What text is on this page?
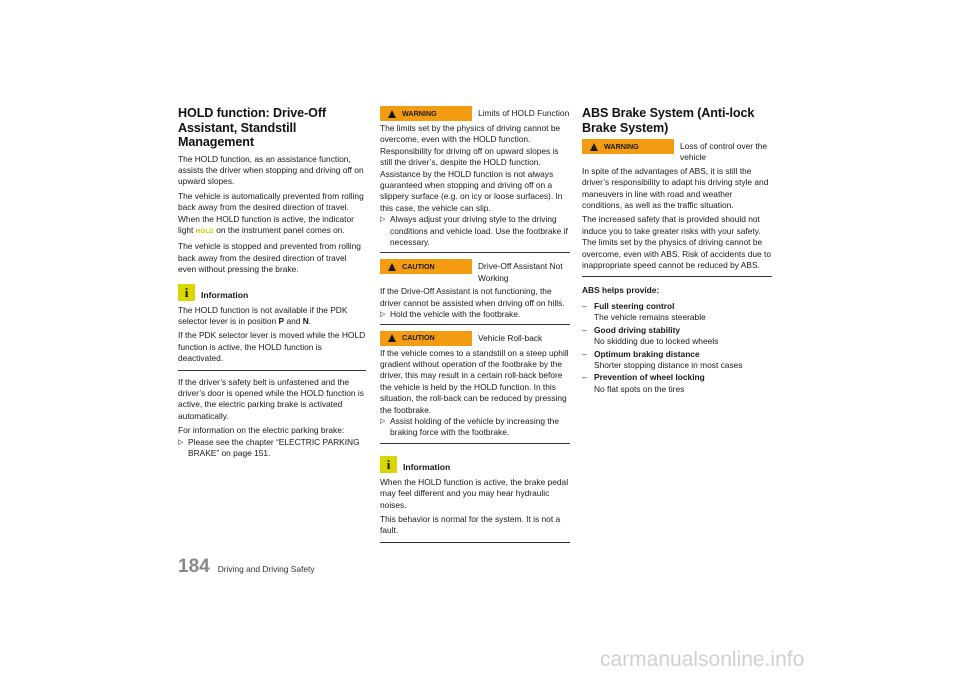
HOLD function: Drive-Off Assistant, Standstill Management

The HOLD function, as an assistance function, assists the driver when stopping and driving off on upward slopes.

The vehicle is automatically prevented from rolling back away from the desired direction of travel.

When the HOLD function is active, the indicator light HOLD on the instrument panel comes on.

The vehicle is stopped and prevented from rolling back away from the desired direction of travel even without pressing the brake.

i	Information

The HOLD function is not available if the PDK selector lever is in position P and N.

If the PDK selector lever is moved while the HOLD function is active, the HOLD function is deactivated.

If the driver’s safety belt is unfastened and the driver’s door is opened while the HOLD function is active, the electric parking brake is activated automatically.

For information on the electric parking brake:

▷ Please see the chapter “ELECTRIC PARKING BRAKE” on page 151.
WARNING	Limits of HOLD Function

The limits set by the physics of driving cannot be overcome, even with the HOLD function. Responsibility for driving off on upward slopes is still the driver’s, despite the HOLD function. Assistance by the HOLD function is not always guaranteed when stopping and driving off on a slippery surface (e.g. on icy or loose surfaces). In this case, the vehicle can slip.

▷ Always adjust your driving style to the driving conditions and vehicle load. Use the footbrake if necessary.
CAUTION	Drive-Off Assistant Not Working

If the Drive-Off Assistant is not functioning, the driver cannot be assisted when driving off on hills.

▷ Hold the vehicle with the footbrake.
CAUTION	Vehicle Roll-back

If the vehicle comes to a standstill on a steep uphill gradient without operation of the footbrake by the driver, this may result in a certain roll-back before the vehicle is held by the HOLD function. In this situation, the roll-back can be reduced by pressing the footbrake.

▷ Assist holding of the vehicle by increasing the braking force with the footbrake.
i	Information

When the HOLD function is active, the brake pedal may feel different and you may hear hydraulic noises.

This behavior is normal for the system. It is not a fault.

ABS Brake System (Anti-lock Brake System)
WARNING	Loss of control over the vehicle

In spite of the advantages of ABS, it is still the driver’s responsibility to adapt his driving style and maneuvers in line with road and weather conditions, as well as the traffic situation.

The increased safety that is provided should not induce you to take greater risks with your safety. The limits set by the physics of driving cannot be overcome, even with ABS. Risk of accidents due to inappropriate speed cannot be reduced by ABS.

ABS helps provide:

– Full steering control
The vehicle remains steerable
– Good driving stability
No skidding due to locked wheels
– Optimum braking distance
Shorter stopping distance in most cases
– Prevention of wheel locking
No flat spots on the tires
184 Driving and Driving Safety
carmanualsonline.info
